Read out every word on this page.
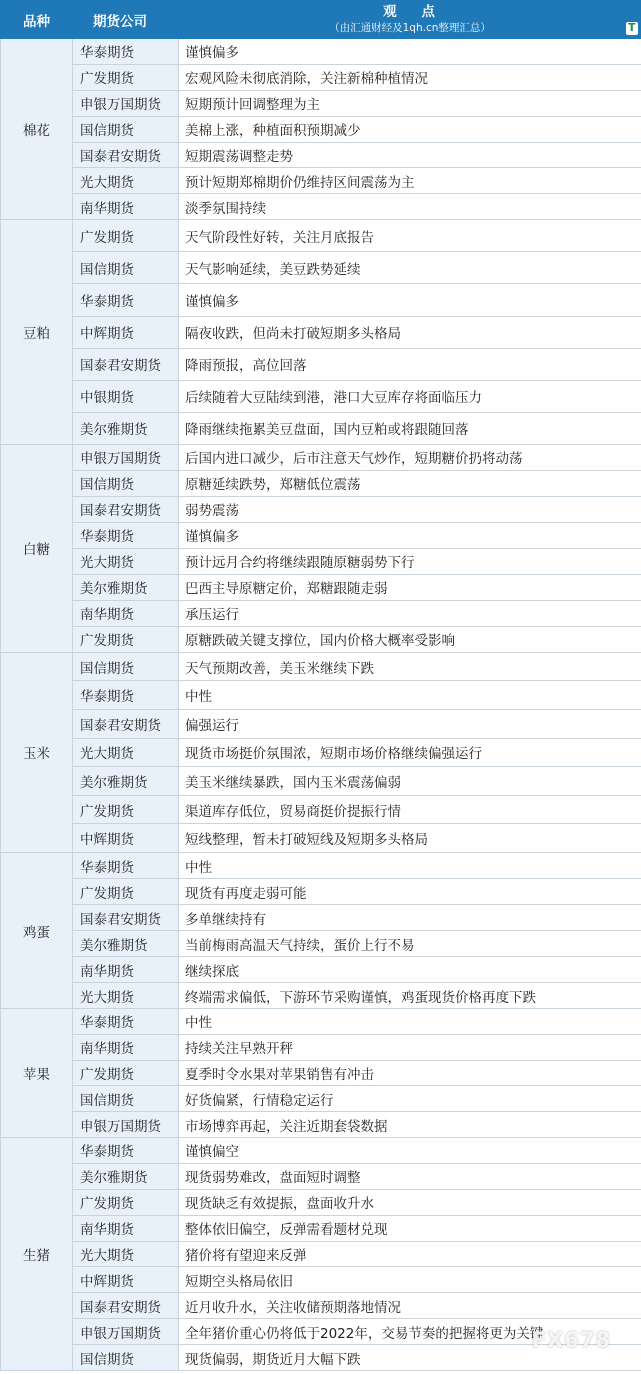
品种	期货公司	观 点
（由汇通财经及1qh.cn整理汇总）
T

棉花	华泰期货	谨慎偏多
	广发期货	宏观风险未彻底消除，关注新棉种植情况
	申银万国期货	短期预计回调整理为主
	国信期货	美棉上涨，种植面积预期减少
	国泰君安期货	短期震荡调整走势
	光大期货	预计短期郑棉期价仍维持区间震荡为主
	南华期货	淡季氛围持续
豆粕	广发期货	天气阶段性好转，关注月底报告
	国信期货	天气影响延续，美豆跌势延续
	华泰期货	谨慎偏多
	中辉期货	隔夜收跌，但尚未打破短期多头格局
	国泰君安期货	降雨预报，高位回落
	中银期货	后续随着大豆陆续到港，港口大豆库存将面临压力
	美尔雅期货	降雨继续拖累美豆盘面，国内豆粕或将跟随回落
白糖	申银万国期货	后国内进口减少，后市注意天气炒作，短期糖价扔将动荡
	国信期货	原糖延续跌势，郑糖低位震荡
	国泰君安期货	弱势震荡
	华泰期货	谨慎偏多
	光大期货	预计远月合约将继续跟随原糖弱势下行
	美尔雅期货	巴西主导原糖定价，郑糖跟随走弱
	南华期货	承压运行
	广发期货	原糖跌破关键支撑位，国内价格大概率受影响
玉米	国信期货	天气预期改善，美玉米继续下跌
	华泰期货	中性
	国泰君安期货	偏强运行
	光大期货	现货市场挺价氛围浓，短期市场价格继续偏强运行
	美尔雅期货	美玉米继续暴跌，国内玉米震荡偏弱
	广发期货	渠道库存低位，贸易商挺价提振行情
	中辉期货	短线整理，暂未打破短线及短期多头格局
鸡蛋	华泰期货	中性
	广发期货	现货有再度走弱可能
	国泰君安期货	多单继续持有
	美尔雅期货	当前梅雨高温天气持续，蛋价上行不易
	南华期货	继续探底
	光大期货	终端需求偏低，下游环节采购谨慎，鸡蛋现货价格再度下跌
苹果	华泰期货	中性
	南华期货	持续关注早熟开秤
	广发期货	夏季时令水果对苹果销售有冲击
	国信期货	好货偏紧，行情稳定运行
	申银万国期货	市场博弈再起，关注近期套袋数据
生猪	华泰期货	谨慎偏空
	美尔雅期货	现货弱势难改，盘面短时调整
	广发期货	现货缺乏有效提振，盘面收升水
	南华期货	整体依旧偏空，反弹需看题材兑现
	光大期货	猪价将有望迎来反弹
	中辉期货	短期空头格局依旧
	国泰君安期货	近月收升水，关注收储预期落地情况
	申银万国期货	全年猪价重心仍将低于2022年，交易节奏的把握将更为关键
	国信期货	现货偏弱，期货近月大幅下跌
FX678
